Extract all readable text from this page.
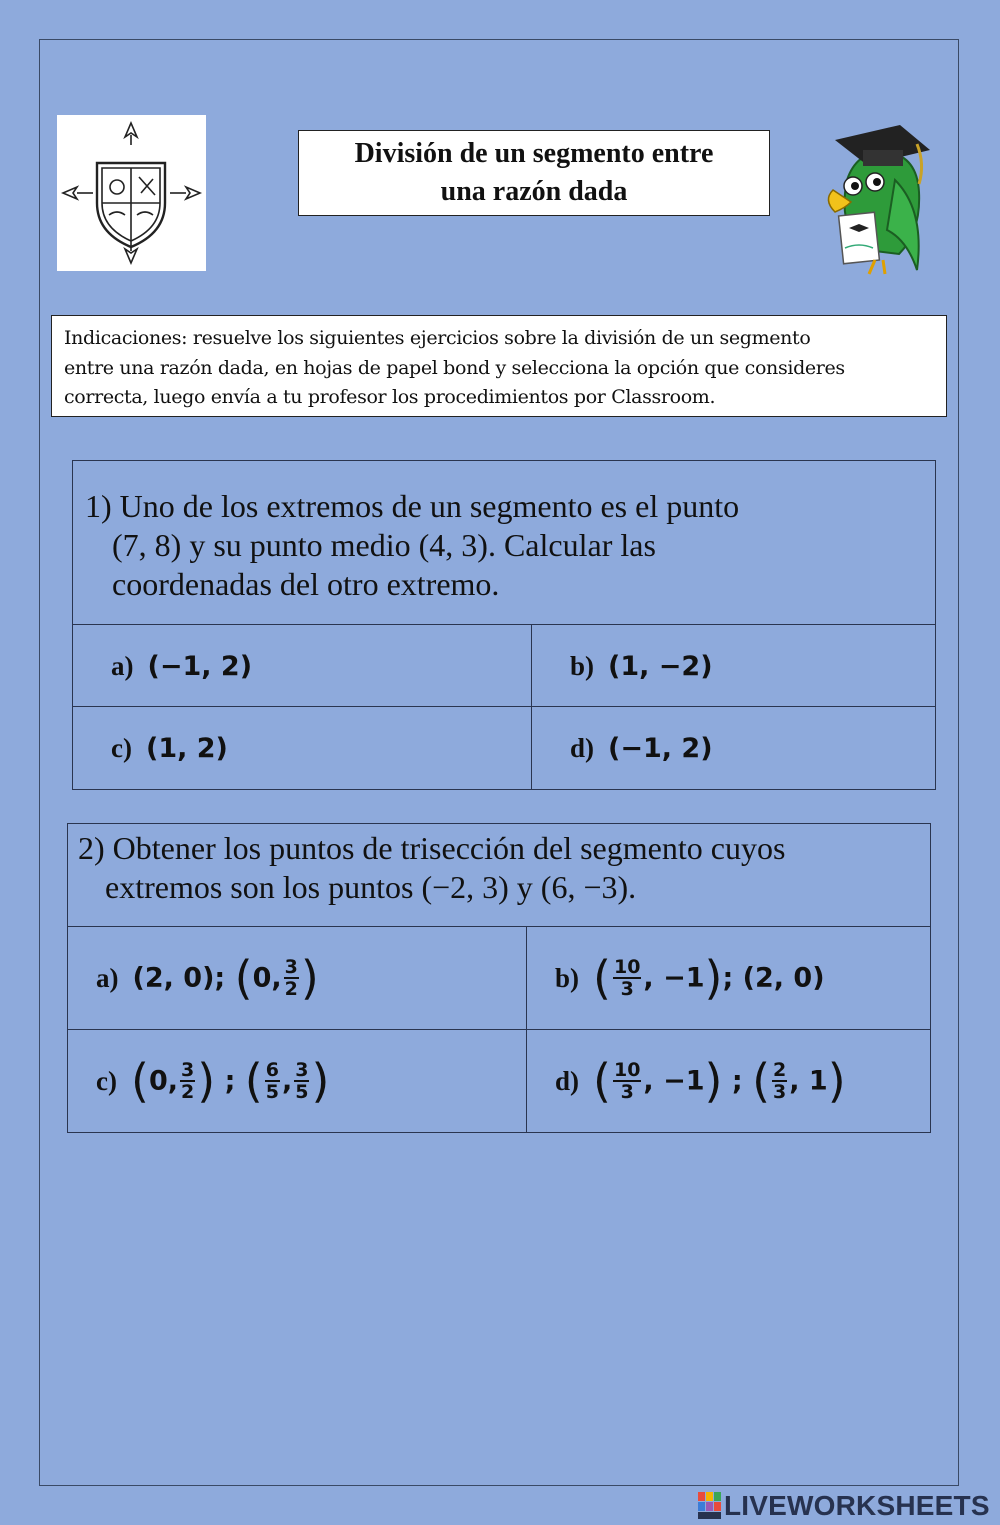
División de un segmento entre
una razón dada
Indicaciones: resuelve los siguientes ejercicios sobre la división de un segmento
entre una razón dada, en hojas de papel bond y selecciona la opción que consideres
correcta, luego envía a tu profesor los procedimientos por Classroom.
1) Uno de los extremos de un segmento es el punto
(7, 8) y su punto medio (4, 3). Calcular las
coordenadas del otro extremo.
a) (−1, 2)	b) (1, −2)
c) (1, 2)	d) (−1, 2)
2) Obtener los puntos de trisección del segmento cuyos
extremos son los puntos (−2, 3) y (6, −3).
a) (2, 0); (0, $\frac{3}{2}$ )	b) ( $\frac{10}{3}$ , −1); (2, 0)
c) (0, $\frac{3}{2}$ ) ; ( $\frac{6}{5}$ , $\frac{3}{5}$ )	d) ( $\frac{10}{3}$ , −1) ; ( $\frac{2}{3}$ , 1)
LIVEWORKSHEETS
